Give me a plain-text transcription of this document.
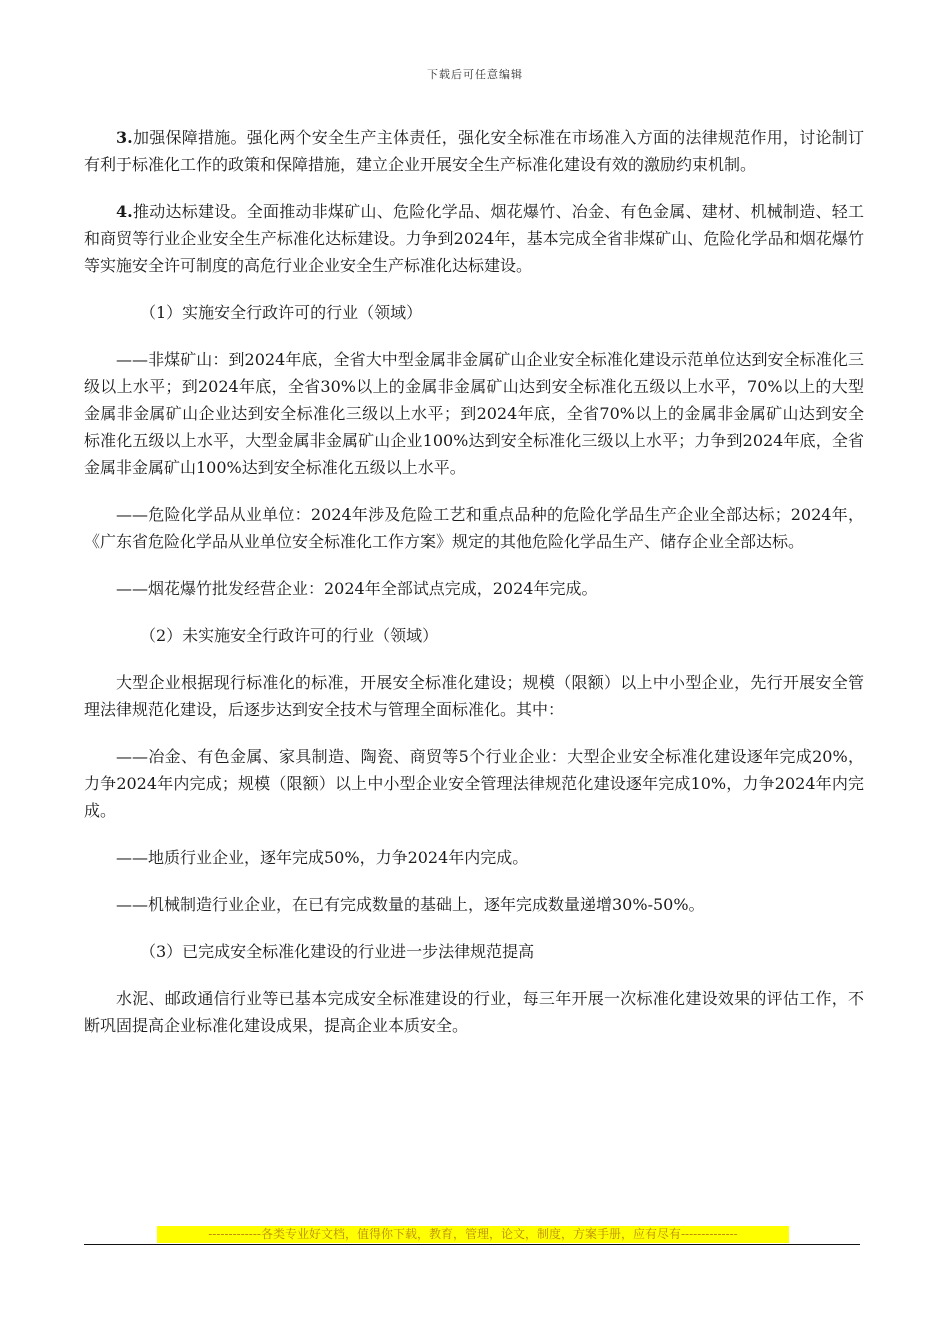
下载后可任意编辑

3.加强保障措施。强化两个安全生产主体责任，强化安全标准在市场准入方面的法律规范作用，讨论制订有利于标准化工作的政策和保障措施，建立企业开展安全生产标准化建设有效的激励约束机制。

4.推动达标建设。全面推动非煤矿山、危险化学品、烟花爆竹、冶金、有色金属、建材、机械制造、轻工和商贸等行业企业安全生产标准化达标建设。力争到2024年，基本完成全省非煤矿山、危险化学品和烟花爆竹等实施安全许可制度的高危行业企业安全生产标准化达标建设。

（1）实施安全行政许可的行业（领域）

——非煤矿山：到2024年底，全省大中型金属非金属矿山企业安全标准化建设示范单位达到安全标准化三级以上水平；到2024年底，全省30%以上的金属非金属矿山达到安全标准化五级以上水平，70%以上的大型金属非金属矿山企业达到安全标准化三级以上水平；到2024年底，全省70%以上的金属非金属矿山达到安全标准化五级以上水平，大型金属非金属矿山企业100%达到安全标准化三级以上水平；力争到2024年底，全省金属非金属矿山100%达到安全标准化五级以上水平。

——危险化学品从业单位：2024年涉及危险工艺和重点品种的危险化学品生产企业全部达标；2024年，《广东省危险化学品从业单位安全标准化工作方案》规定的其他危险化学品生产、储存企业全部达标。

——烟花爆竹批发经营企业：2024年全部试点完成，2024年完成。

（2）未实施安全行政许可的行业（领域）

大型企业根据现行标准化的标准，开展安全标准化建设；规模（限额）以上中小型企业，先行开展安全管理法律规范化建设，后逐步达到安全技术与管理全面标准化。其中：

——冶金、有色金属、家具制造、陶瓷、商贸等5个行业企业：大型企业安全标准化建设逐年完成20%，力争2024年内完成；规模（限额）以上中小型企业安全管理法律规范化建设逐年完成10%，力争2024年内完成。

——地质行业企业，逐年完成50%，力争2024年内完成。

——机械制造行业企业，在已有完成数量的基础上，逐年完成数量递增30%-50%。

（3）已完成安全标准化建设的行业进一步法律规范提高

水泥、邮政通信行业等已基本完成安全标准建设的行业，每三年开展一次标准化建设效果的评估工作，不断巩固提高企业标准化建设成果，提高企业本质安全。

-------------各类专业好文档，值得你下载，教育，管理，论文，制度，方案手册，应有尽有--------------
